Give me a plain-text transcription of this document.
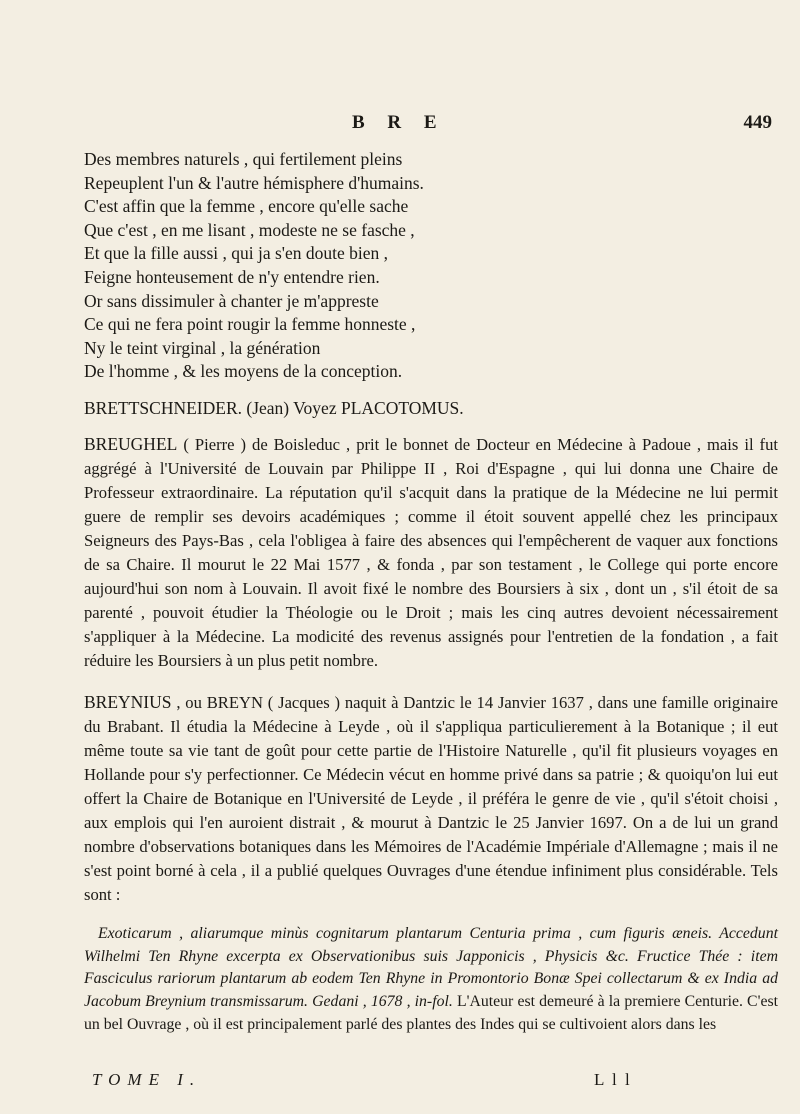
B R E	449
Des membres naturels , qui fertilement pleins
Repeuplent l'un & l'autre hémisphere d'humains.
C'est affin que la femme , encore qu'elle sache
Que c'est , en me lisant , modeste ne se fasche ,
Et que la fille aussi , qui ja s'en doute bien ,
Feigne honteusement de n'y entendre rien.
Or sans dissimuler à chanter je m'appreste
Ce qui ne fera point rougir la femme honneste ,
Ny le teint virginal , la génération
De l'homme , & les moyens de la conception.
BRETTSCHNEIDER. (Jean) Voyez PLACOTOMUS.

BREUGHEL ( Pierre ) de Boisleduc , prit le bonnet de Docteur en Médecine à Padoue , mais il fut aggrégé à l'Université de Louvain par Philippe II , Roi d'Espagne , qui lui donna une Chaire de Professeur extraordinaire. La réputation qu'il s'acquit dans la pratique de la Médecine ne lui permit guere de remplir ses devoirs académiques ; comme il étoit souvent appellé chez les principaux Seigneurs des Pays-Bas , cela l'obligea à faire des absences qui l'empêcherent de vaquer aux fonctions de sa Chaire. Il mourut le 22 Mai 1577 , & fonda , par son testament , le College qui porte encore aujourd'hui son nom à Louvain. Il avoit fixé le nombre des Boursiers à six , dont un , s'il étoit de sa parenté , pouvoit étudier la Théologie ou le Droit ; mais les cinq autres devoient nécessairement s'appliquer à la Médecine. La modicité des revenus assignés pour l'entretien de la fondation , a fait réduire les Boursiers à un plus petit nombre.

BREYNIUS , ou BREYN ( Jacques ) naquit à Dantzic le 14 Janvier 1637 , dans une famille originaire du Brabant. Il étudia la Médecine à Leyde , où il s'appliqua particulierement à la Botanique ; il eut même toute sa vie tant de goût pour cette partie de l'Histoire Naturelle , qu'il fit plusieurs voyages en Hollande pour s'y perfectionner. Ce Médecin vécut en homme privé dans sa patrie ; & quoiqu'on lui eut offert la Chaire de Botanique en l'Université de Leyde , il préféra le genre de vie , qu'il s'étoit choisi , aux emplois qui l'en auroient distrait , & mourut à Dantzic le 25 Janvier 1697. On a de lui un grand nombre d'observations botaniques dans les Mémoires de l'Académie Impériale d'Allemagne ; mais il ne s'est point borné à cela , il a publié quelques Ouvrages d'une étendue infiniment plus considérable. Tels sont :

Exoticarum , aliarumque minùs cognitarum plantarum Centuria prima , cum figuris æneis. Accedunt Wilhelmi Ten Rhyne excerpta ex Observationibus suis Japponicis , Physicis &c. Fructice Thée : item Fasciculus rariorum plantarum ab eodem Ten Rhyne in Promontorio Bonæ Spei collectarum & ex India ad Jacobum Breynium transmissarum. Gedani , 1678 , in-fol. L'Auteur est demeuré à la premiere Centurie. C'est un bel Ouvrage , où il est principalement parlé des plantes des Indes qui se cultivoient alors dans les

TOME I.	L l l
